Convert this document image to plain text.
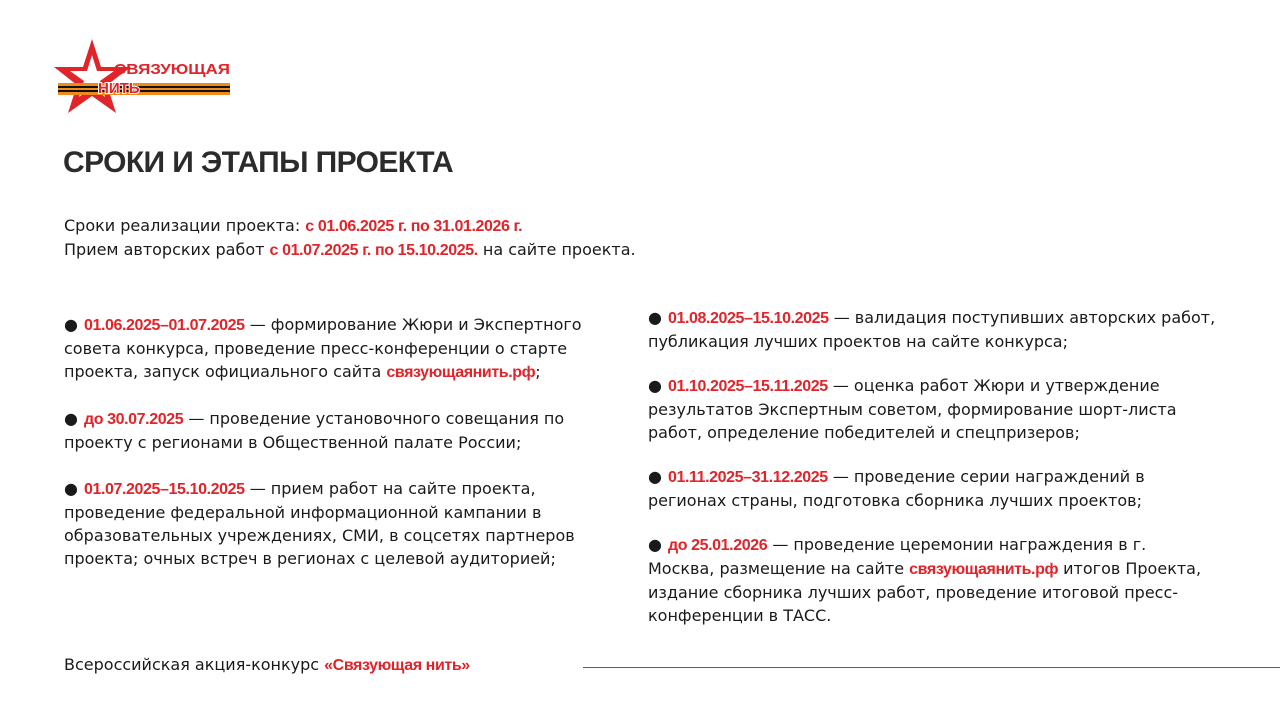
СВЯЗУЮЩАЯ
НИТЬ
СРОКИ И ЭТАПЫ ПРОЕКТА

Сроки реализации проекта: с 01.06.2025 г. по 31.01.2026 г.

Прием авторских работ с 01.07.2025 г. по 15.10.2025. на сайте проекта.

● 01.06.2025–01.07.2025 — формирование Жюри и Экспертного совета конкурса, проведение пресс-конференции о старте проекта, запуск официального сайта связующаянить.рф;

● до 30.07.2025 — проведение установочного совещания по проекту с регионами в Общественной палате России;

● 01.07.2025–15.10.2025 — прием работ на сайте проекта, проведение федеральной информационной кампании в образовательных учреждениях, СМИ, в соцсетях партнеров проекта; очных встреч в регионах с целевой аудиторией;

● 01.08.2025–15.10.2025 — валидация поступивших авторских работ, публикация лучших проектов на сайте конкурса;

● 01.10.2025–15.11.2025 — оценка работ Жюри и утверждение результатов Экспертным советом, формирование шорт-листа работ, определение победителей и спецпризеров;

● 01.11.2025–31.12.2025 — проведение серии награждений в регионах страны, подготовка сборника лучших проектов;

● до 25.01.2026 — проведение церемонии награждения в г. Москва, размещение на сайте связующаянить.рф итогов Проекта, издание сборника лучших работ, проведение итоговой пресс-конференции в ТАСС.

Всероссийская акция-конкурс «Связующая нить»
